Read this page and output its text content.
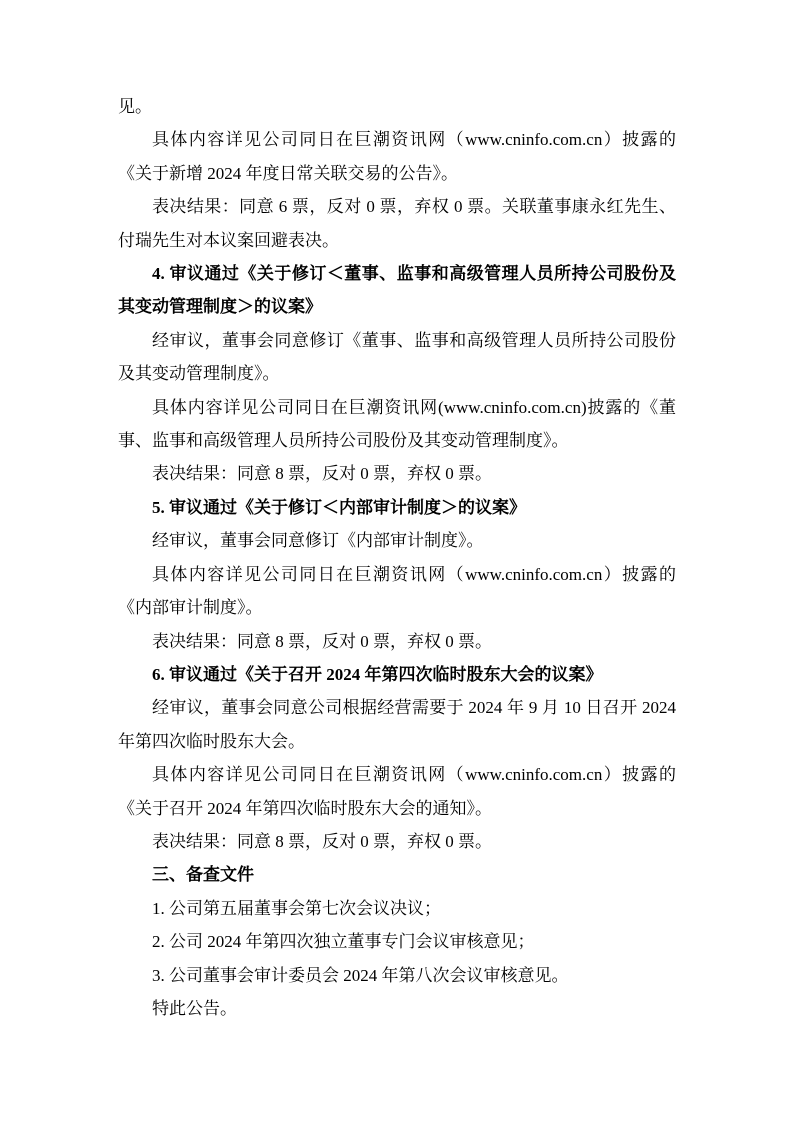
见。

具体内容详见公司同日在巨潮资讯网（www.cninfo.com.cn）披露的《关于新增 2024 年度日常关联交易的公告》。

表决结果：同意 6 票，反对 0 票，弃权 0 票。关联董事康永红先生、付瑞先生对本议案回避表决。

4. 审议通过《关于修订＜董事、监事和高级管理人员所持公司股份及其变动管理制度＞的议案》

经审议，董事会同意修订《董事、监事和高级管理人员所持公司股份及其变动管理制度》。

具体内容详见公司同日在巨潮资讯网(www.cninfo.com.cn)披露的《董事、监事和高级管理人员所持公司股份及其变动管理制度》。

表决结果：同意 8 票，反对 0 票，弃权 0 票。

5. 审议通过《关于修订＜内部审计制度＞的议案》

经审议，董事会同意修订《内部审计制度》。

具体内容详见公司同日在巨潮资讯网（www.cninfo.com.cn）披露的《内部审计制度》。

表决结果：同意 8 票，反对 0 票，弃权 0 票。

6. 审议通过《关于召开 2024 年第四次临时股东大会的议案》

经审议，董事会同意公司根据经营需要于 2024 年 9 月 10 日召开 2024 年第四次临时股东大会。

具体内容详见公司同日在巨潮资讯网（www.cninfo.com.cn）披露的《关于召开 2024 年第四次临时股东大会的通知》。

表决结果：同意 8 票，反对 0 票，弃权 0 票。

三、备查文件

1. 公司第五届董事会第七次会议决议；

2. 公司 2024 年第四次独立董事专门会议审核意见；

3. 公司董事会审计委员会 2024 年第八次会议审核意见。

特此公告。
